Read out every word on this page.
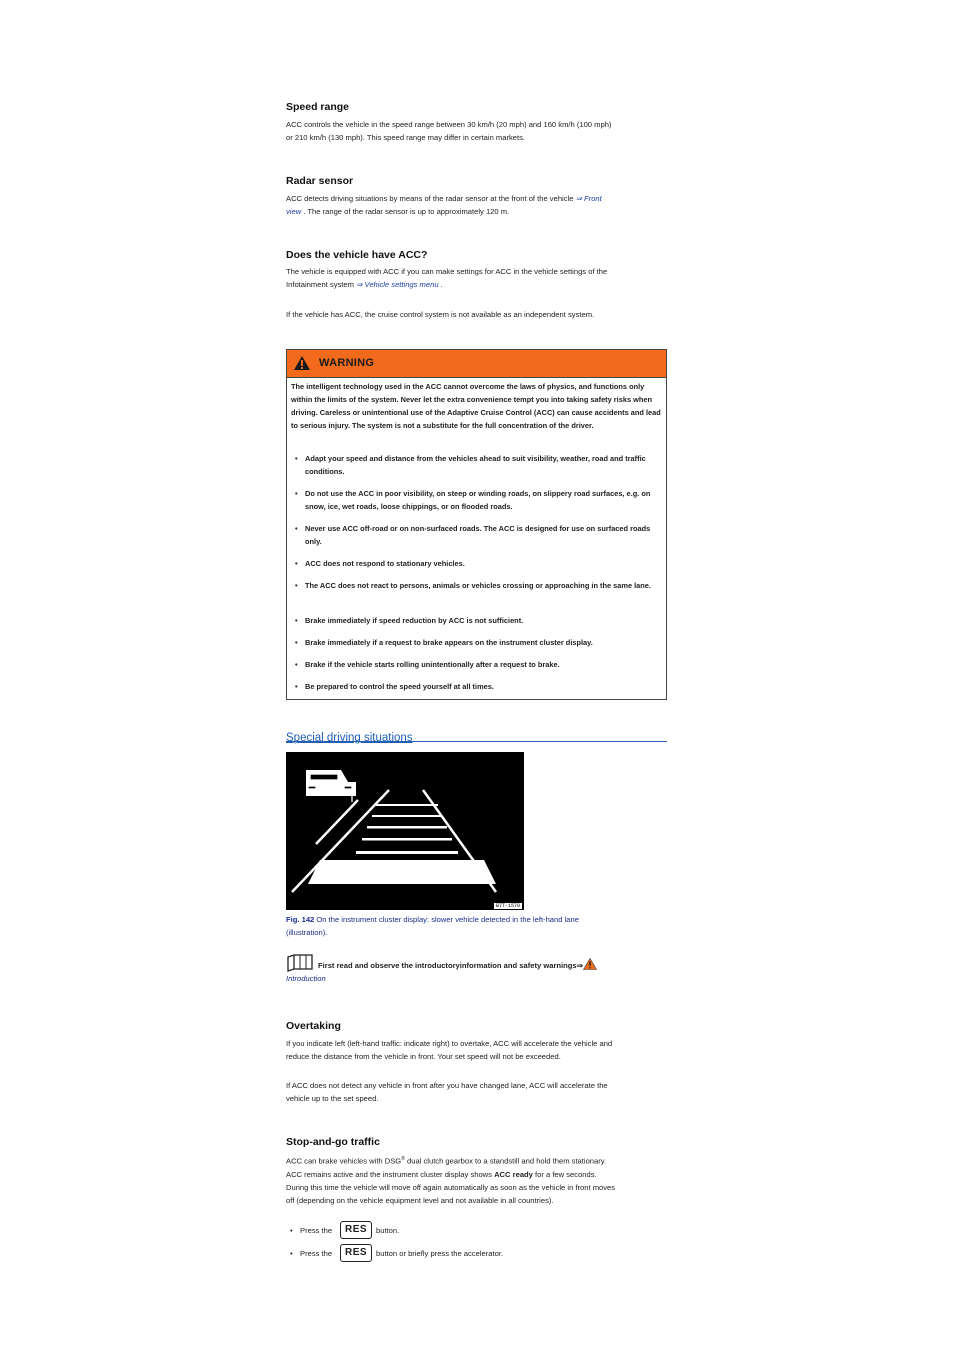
Speed range

ACC controls the vehicle in the speed range between 30 km/h (20 mph) and 160 km/h (100 mph)
or 210 km/h (130 mph). This speed range may differ in certain markets.

Radar sensor

ACC detects driving situations by means of the radar sensor at the front of the vehicle ⇒ Front
view . The range of the radar sensor is up to approximately 120 m.

Does the vehicle have ACC?

The vehicle is equipped with ACC if you can make settings for ACC in the vehicle settings of the
Infotainment system ⇒ Vehicle settings menu .

If the vehicle has ACC, the cruise control system is not available as an independent system.

WARNING
The intelligent technology used in the ACC cannot overcome the laws of physics, and functions only within the limits of the system. Never let the extra convenience tempt you into taking safety risks when driving. Careless or unintentional use of the Adaptive Cruise Control (ACC) can cause accidents and lead to serious injury. The system is not a substitute for the full concentration of the driver.
• Adapt your speed and distance from the vehicles ahead to suit visibility, weather, road and traffic conditions.
• Do not use the ACC in poor visibility, on steep or winding roads, on slippery road surfaces, e.g. on snow, ice, wet roads, loose chippings, or on flooded roads.
• Never use ACC off-road or on non-surfaced roads. The ACC is designed for use on surfaced roads only.
• ACC does not respond to stationary vehicles.
• The ACC does not react to persons, animals or vehicles crossing or approaching in the same lane.
• Brake immediately if speed reduction by ACC is not sufficient.
• Brake immediately if a request to brake appears on the instrument cluster display.
• Brake if the vehicle starts rolling unintentionally after a request to brake.
• Be prepared to control the speed yourself at all times.
Special driving situations
B7T-1570
Fig. 142 On the instrument cluster display: slower vehicle detected in the left-hand lane
(illustration).
First read and observe the introductoryinformation and safety warnings⇒
Introduction
Overtaking

If you indicate left (left-hand traffic: indicate right) to overtake, ACC will accelerate the vehicle and
reduce the distance from the vehicle in front. Your set speed will not be exceeded.

If ACC does not detect any vehicle in front after you have changed lane, ACC will accelerate the
vehicle up to the set speed.

Stop-and-go traffic

ACC can brake vehicles with DSG® dual clutch gearbox to a standstill and hold them stationary.
ACC remains active and the instrument cluster display shows ACC ready for a few seconds.
During this time the vehicle will move off again automatically as soon as the vehicle in front moves
off (depending on the vehicle equipment level and not available in all countries).

• Press the	RES	button.
• Press the	RES	button or briefly press the accelerator.
